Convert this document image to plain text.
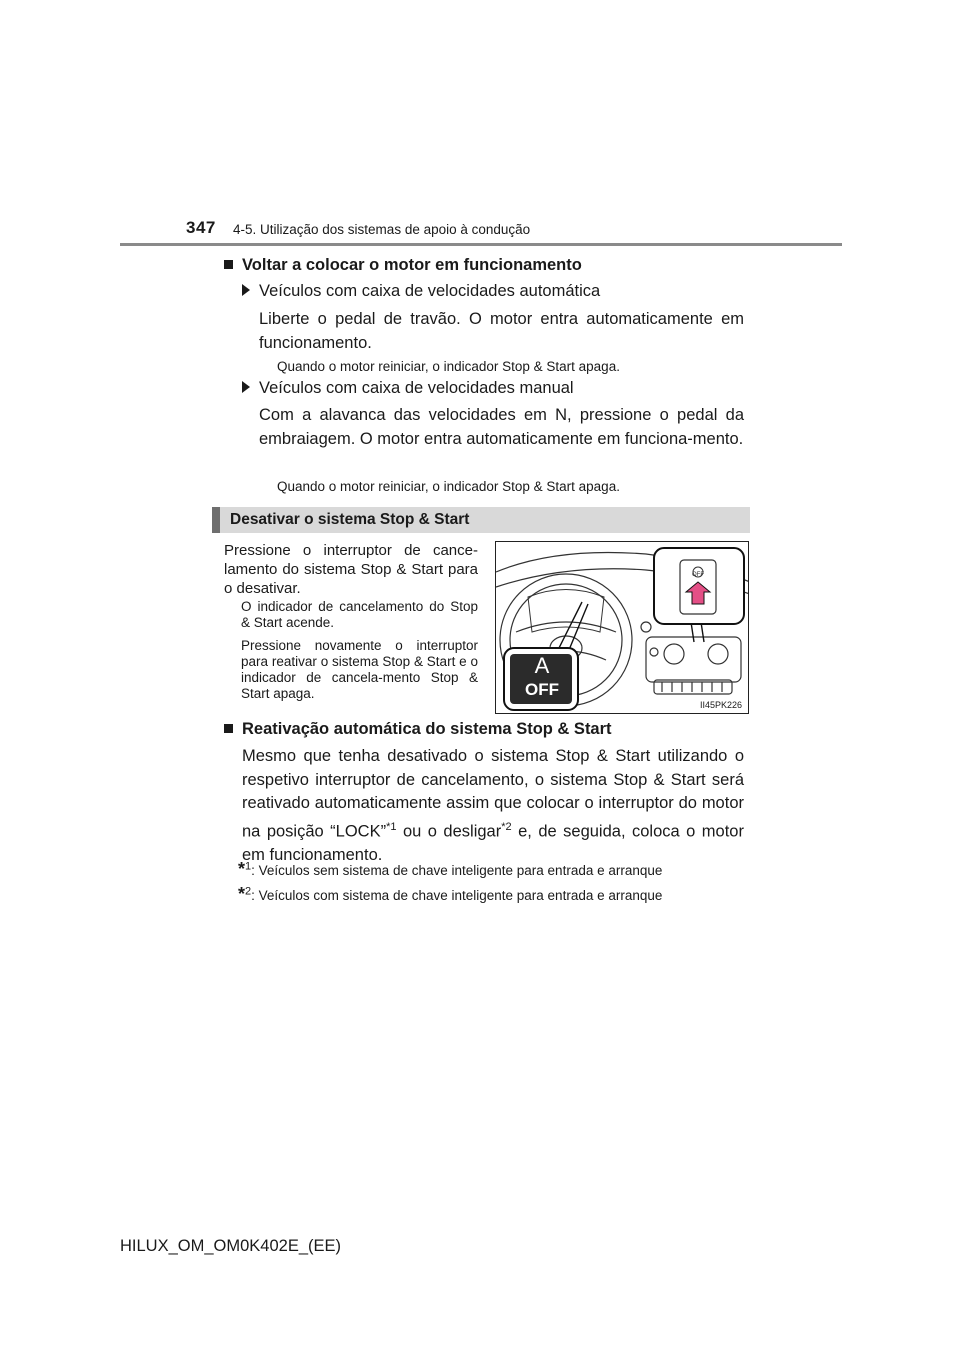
347 4-5. Utilização dos sistemas de apoio à condução
Voltar a colocar o motor em funcionamento
Veículos com caixa de velocidades automática
Liberte o pedal de travão. O motor entra automaticamente em funcionamento.
Quando o motor reiniciar, o indicador Stop & Start apaga.
Veículos com caixa de velocidades manual
Com a alavanca das velocidades em N, pressione o pedal da embraiagem. O motor entra automaticamente em funciona-mento.
Quando o motor reiniciar, o indicador Stop & Start apaga.
Desativar o sistema Stop & Start
Pressione o interruptor de cance-lamento do sistema Stop & Start para o desativar.
O indicador de cancelamento do Stop & Start acende.
Pressione novamente o interruptor para reativar o sistema Stop & Start e o indicador de cancela-mento Stop & Start apaga.
A
OFF
OFF
II45PK226
Reativação automática do sistema Stop & Start
Mesmo que tenha desativado o sistema Stop & Start utilizando o respetivo interruptor de cancelamento, o sistema Stop & Start será reativado automaticamente assim que colocar o interruptor do motor na posição “LOCK”$^{*1}$ ou o desligar$^{*2}$ e, de seguida, coloca o motor em funcionamento.
*$^1$: Veículos sem sistema de chave inteligente para entrada e arranque
*$^2$: Veículos com sistema de chave inteligente para entrada e arranque
HILUX_OM_OM0K402E_(EE)
